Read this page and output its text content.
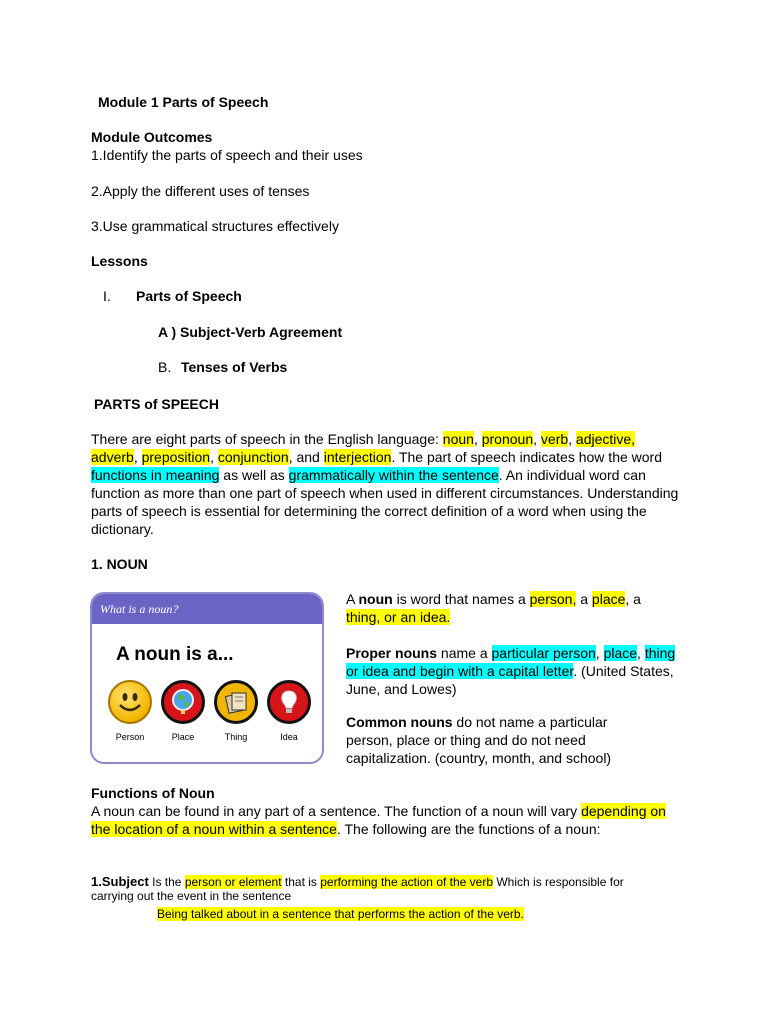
Module 1 Parts of Speech
Module Outcomes
1.Identify the parts of speech and their uses
2.Apply the different uses of tenses
3.Use grammatical structures effectively
Lessons
I. Parts of Speech
A ) Subject-Verb Agreement
B. Tenses of Verbs
PARTS of SPEECH

There are eight parts of speech in the English language: noun, pronoun, verb, adjective, adverb, preposition, conjunction, and interjection. The part of speech indicates how the word functions in meaning as well as grammatically within the sentence. An individual word can function as more than one part of speech when used in different circumstances. Understanding parts of speech is essential for determining the correct definition of a word when using the dictionary.

1. NOUN
What is a noun?
A noun is a...
Person	Place	Thing	Idea

A noun is word that names a person, a place, a thing, or an idea.

Proper nouns name a particular person, place, thing or idea and begin with a capital letter. (United States, June, and Lowes)

Common nouns do not name a particular person, place or thing and do not need capitalization. (country, month, and school)

Functions of Noun

A noun can be found in any part of a sentence. The function of a noun will vary depending on the location of a noun within a sentence. The following are the functions of a noun:

1.Subject Is the person or element that is performing the action of the verb Which is responsible for carrying out the event in the sentence

Being talked about in a sentence that performs the action of the verb.
